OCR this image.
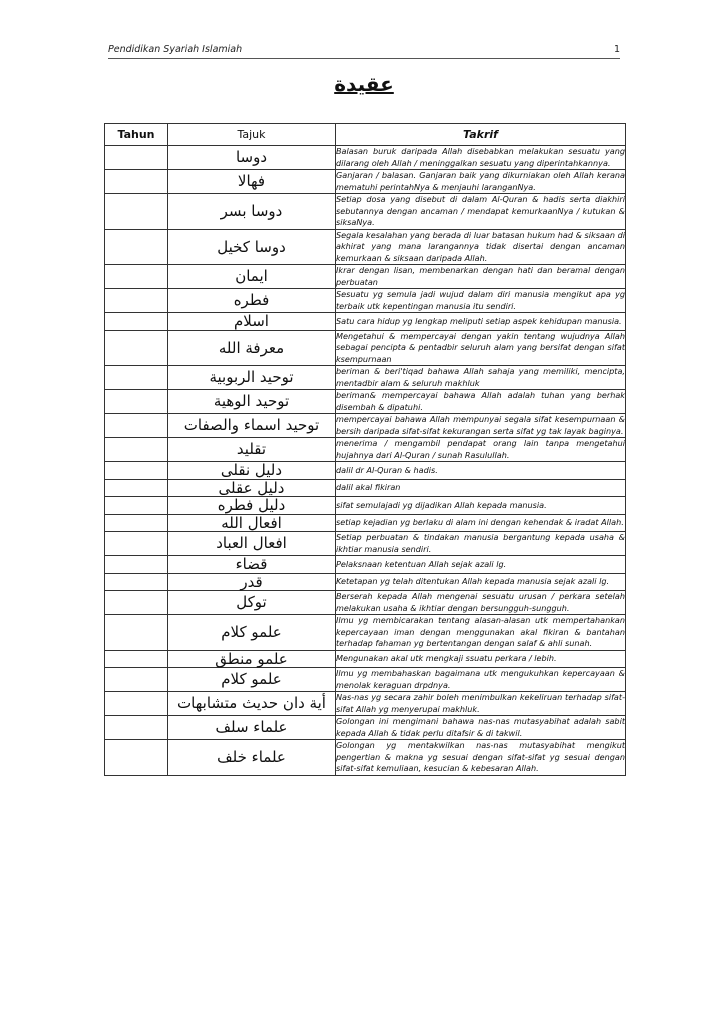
Pendidikan Syariah Islamiah	1
عقيدة
Tahun	Tajuk	Takrif
	دوسا	Balasan buruk daripada Allah disebabkan melakukan sesuatu yang dilarang oleh Allah / meninggalkan sesuatu yang diperintahkannya.
	فهالا	Ganjaran / balasan. Ganjaran baik yang dikurniakan oleh Allah kerana mematuhi perintahNya & menjauhi laranganNya.
	دوسا بسر	Setiap dosa yang disebut di dalam Al-Quran & hadis serta diakhiri sebutannya dengan ancaman / mendapat kemurkaanNya / kutukan & siksaNya.
	دوسا کخيل	Segala kesalahan yang berada di luar batasan hukum had & siksaan di akhirat yang mana larangannya tidak disertai dengan ancaman kemurkaan & siksaan daripada Allah.
	ايمان	Ikrar dengan lisan, membenarkan dengan hati dan beramal dengan perbuatan
	فطره	Sesuatu yg semula jadi wujud dalam diri manusia mengikut apa yg terbaik utk kepentingan manusia itu sendiri.
	اسلام	Satu cara hidup yg lengkap meliputi setiap aspek kehidupan manusia.
	معرفة الله	Mengetahui & mempercayai dengan yakin tentang wujudnya Allah sebagai pencipta & pentadbir seluruh alam yang bersifat dengan sifat ksempurnaan
	توحيد الربوبية	beriman & beri'tiqad bahawa Allah sahaja yang memiliki, mencipta, mentadbir alam & seluruh makhluk
	توحيد الوهية	beriman& mempercayai bahawa Allah adalah tuhan yang berhak disembah & dipatuhi.
	توحيد اسماء والصفات	mempercayai bahawa Allah mempunyai segala sifat kesempurnaan & bersih daripada sifat-sifat kekurangan serta sifat yg tak layak baginya.
	تقليد	menerima / mengambil pendapat orang lain tanpa mengetahui hujahnya dari Al-Quran / sunah Rasulullah.
	دليل نقلى	dalil dr Al-Quran & hadis.
	دليل عقلى	dalil akal fikiran
	دليل فطره	sifat semulajadi yg dijadikan Allah kepada manusia.
	افعال الله	setiap kejadian yg berlaku di alam ini dengan kehendak & iradat Allah.
	افعال العباد	Setiap perbuatan & tindakan manusia bergantung kepada usaha & ikhtiar manusia sendiri.
	قضاء	Pelaksnaan ketentuan Allah sejak azali lg.
	قدر	Ketetapan yg telah ditentukan Allah kepada manusia sejak azali lg.
	توکل	Berserah kepada Allah mengenai sesuatu urusan / perkara setelah melakukan usaha & ikhtiar dengan bersungguh-sungguh.
	علمو کلام	Ilmu yg membicarakan tentang alasan-alasan utk mempertahankan kepercayaan iman dengan menggunakan akal fikiran & bantahan terhadap fahaman yg bertentangan dengan salaf & ahli sunah.
	علمو منطق	Mengunakan akal utk mengkaji ssuatu perkara / lebih.
	علمو کلام	Ilmu yg membahaskan bagaimana utk mengukuhkan kepercayaan & menolak keraguan drpdnya.
	أية دان حديث متشابهات	Nas-nas yg secara zahir boleh menimbulkan kekeliruan terhadap sifat-sifat Allah yg menyerupai makhluk.
	علماء سلف	Golongan ini mengimani bahawa nas-nas mutasyabihat adalah sabit kepada Allah & tidak perlu ditafsir & di takwil.
	علماء خلف	Golongan yg mentakwilkan nas-nas mutasyabihat mengikut pengertian & makna yg sesuai dengan sifat-sifat yg sesuai dengan sifat-sifat kemuliaan, kesucian & kebesaran Allah.
